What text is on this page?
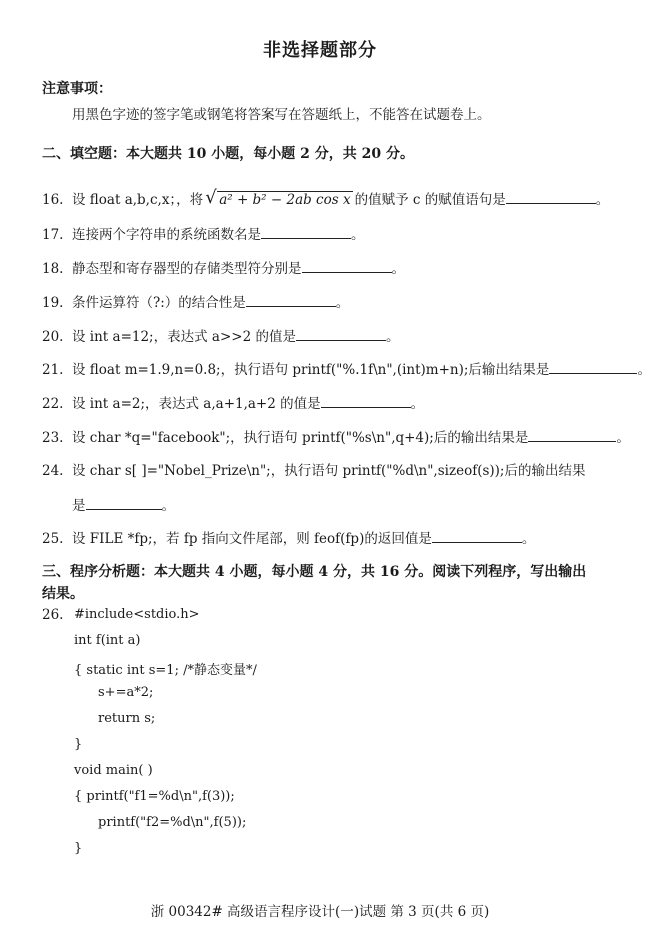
非选择题部分
注意事项：
用黑色字迹的签字笔或钢笔将答案写在答题纸上，不能答在试题卷上。
二、填空题：本大题共 10 小题，每小题 2 分，共 20 分。
16. 设 float a,b,c,x；，将 √ a² + b² − 2ab cos x 的值赋予 c 的赋值语句是	。
17. 连接两个字符串的系统函数名是	。
18. 静态型和寄存器型的存储类型符分别是	。
19. 条件运算符（?:）的结合性是	。
20. 设 int a=12;，表达式 a>>2 的值是	。
21. 设 float m=1.9,n=0.8;，执行语句 printf("%.1f\n",(int)m+n);后输出结果是	。
22. 设 int a=2;，表达式 a,a+1,a+2 的值是	。
23. 设 char *q="facebook";，执行语句 printf("%s\n",q+4);后的输出结果是	。
24. 设 char s[ ]="Nobel_Prize\n";，执行语句 printf("%d\n",sizeof(s));后的输出结果
是	。
25. 设 FILE *fp;，若 fp 指向文件尾部，则 feof(fp)的返回值是	。
三、程序分析题：本大题共 4 小题，每小题 4 分，共 16 分。阅读下列程序，写出输出
结果。
26. #include<stdio.h>
int f(int a)
{ static int s=1; /*静态变量*/
s+=a*2;
return s;
}
void main( )
{ printf("f1=%d\n",f(3));
printf("f2=%d\n",f(5));
}
浙 00342# 高级语言程序设计(一)试题 第 3 页(共 6 页)
